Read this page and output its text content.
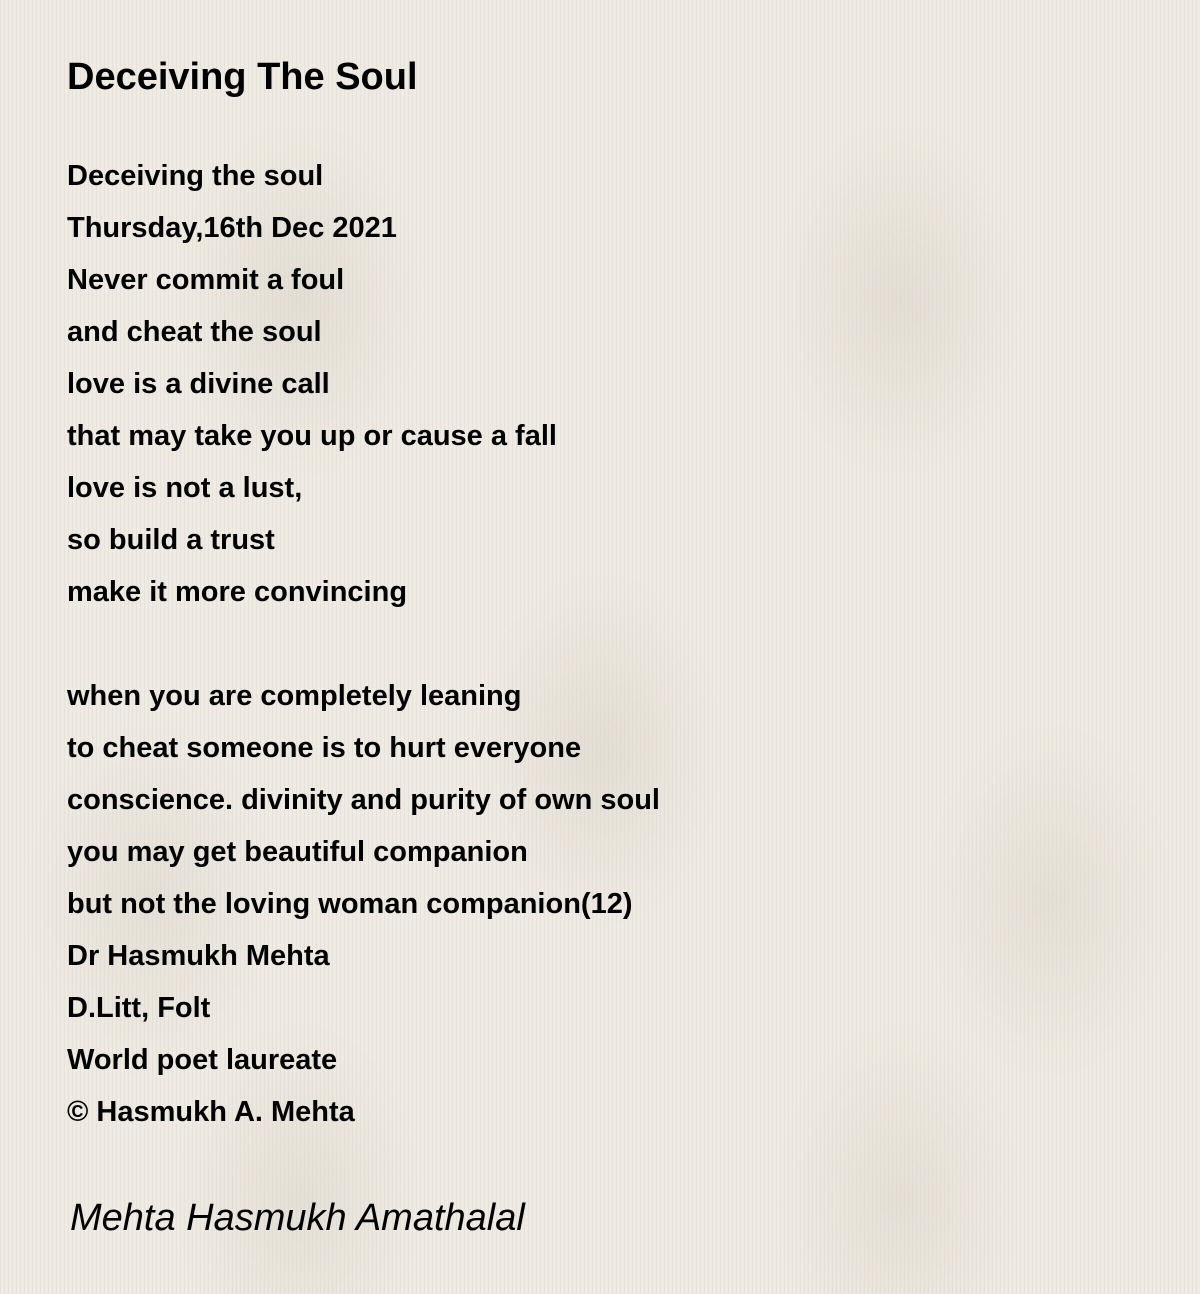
Deceiving The Soul
Deceiving the soul
Thursday,16th Dec 2021
Never commit a foul
and cheat the soul
love is a divine call
that may take you up or cause a fall
love is not a lust,
so build a trust
make it more convincing
when you are completely leaning
to cheat someone is to hurt everyone
conscience. divinity and purity of own soul
you may get beautiful companion
but not the loving woman companion(12)
Dr Hasmukh Mehta
D.Litt, Folt
World poet laureate
© Hasmukh A. Mehta
Mehta Hasmukh Amathalal
